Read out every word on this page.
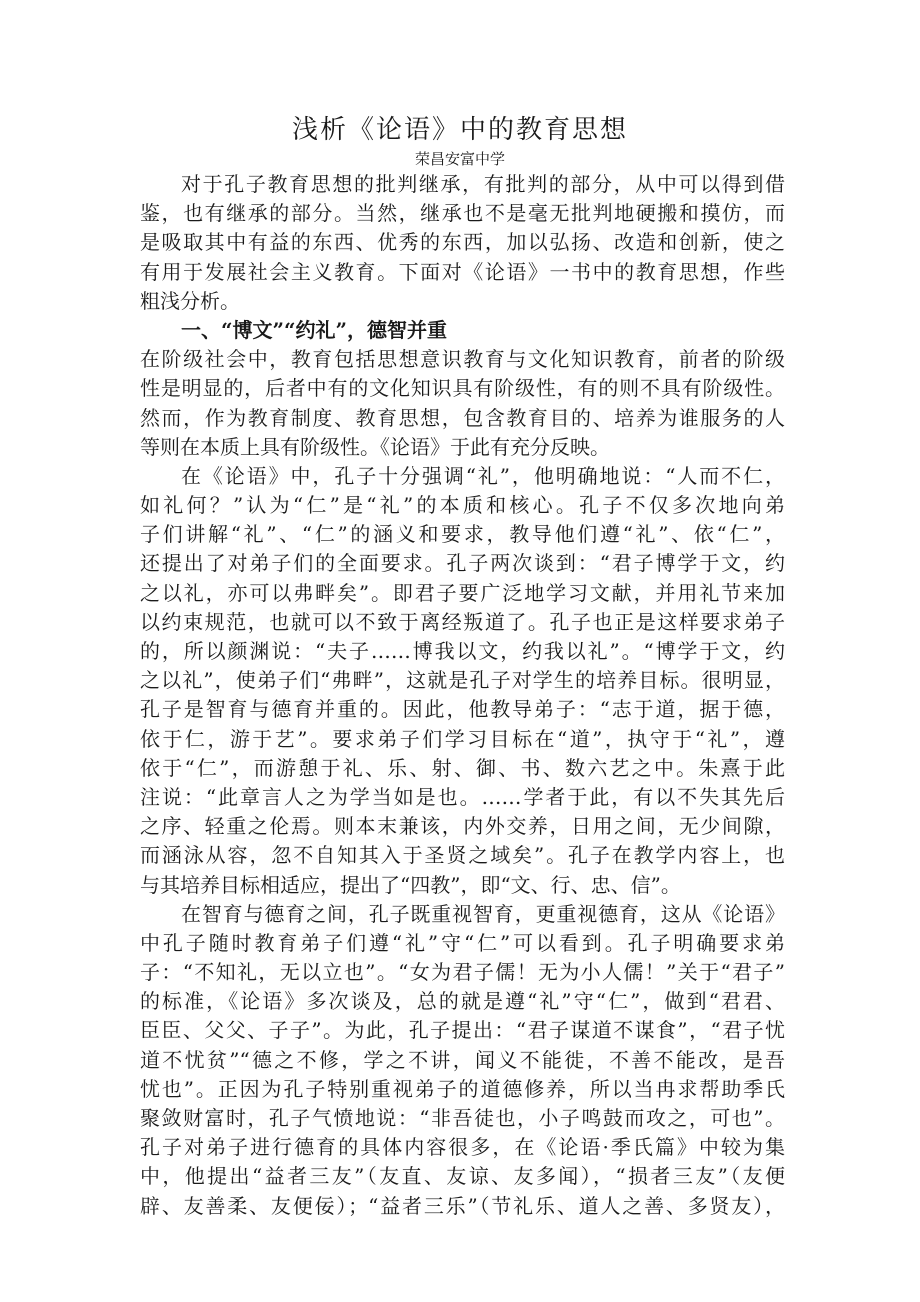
浅析《论语》中的教育思想
荣昌安富中学
对于孔子教育思想的批判继承，有批判的部分，从中可以得到借
鉴，也有继承的部分。当然，继承也不是毫无批判地硬搬和摸仿，而
是吸取其中有益的东西、优秀的东西，加以弘扬、改造和创新，使之
有用于发展社会主义教育。下面对《论语》一书中的教育思想，作些
粗浅分析。
一、“博文”“约礼”，德智并重
在阶级社会中，教育包括思想意识教育与文化知识教育，前者的阶级
性是明显的，后者中有的文化知识具有阶级性，有的则不具有阶级性。
然而，作为教育制度、教育思想，包含教育目的、培养为谁服务的人
等则在本质上具有阶级性。《论语》于此有充分反映。
在《论语》中，孔子十分强调“礼”，他明确地说：“人而不仁，
如礼何？”认为“仁”是“礼”的本质和核心。孔子不仅多次地向弟
子们讲解“礼”、“仁”的涵义和要求，教导他们遵“礼”、依“仁”，
还提出了对弟子们的全面要求。孔子两次谈到：“君子博学于文，约
之以礼，亦可以弗畔矣”。即君子要广泛地学习文献，并用礼节来加
以约束规范，也就可以不致于离经叛道了。孔子也正是这样要求弟子
的，所以颜渊说：“夫子……博我以文，约我以礼”。“博学于文，约
之以礼”，使弟子们“弗畔”，这就是孔子对学生的培养目标。很明显，
孔子是智育与德育并重的。因此，他教导弟子：“志于道，据于德，
依于仁，游于艺”。要求弟子们学习目标在“道”，执守于“礼”，遵
依于“仁”，而游憩于礼、乐、射、御、书、数六艺之中。朱熹于此
注说：“此章言人之为学当如是也。……学者于此，有以不失其先后
之序、轻重之伦焉。则本末兼该，内外交养，日用之间，无少间隙，
而涵泳从容，忽不自知其入于圣贤之域矣”。孔子在教学内容上，也
与其培养目标相适应，提出了“四教”，即“文、行、忠、信”。
在智育与德育之间，孔子既重视智育，更重视德育，这从《论语》
中孔子随时教育弟子们遵“礼”守“仁”可以看到。孔子明确要求弟
子：“不知礼，无以立也”。“女为君子儒！无为小人儒！”关于“君子”
的标准，《论语》多次谈及，总的就是遵“礼”守“仁”，做到“君君、
臣臣、父父、子子”。为此，孔子提出：“君子谋道不谋食”，“君子忧
道不忧贫”“德之不修，学之不讲，闻义不能徙，不善不能改，是吾
忧也”。正因为孔子特别重视弟子的道德修养，所以当冉求帮助季氏
聚敛财富时，孔子气愤地说：“非吾徒也，小子鸣鼓而攻之，可也”。
孔子对弟子进行德育的具体内容很多，在《论语·季氏篇》中较为集
中，他提出“益者三友”（友直、友谅、友多闻），“损者三友”（友便
辟、友善柔、友便佞）；“益者三乐”（节礼乐、道人之善、多贤友），
